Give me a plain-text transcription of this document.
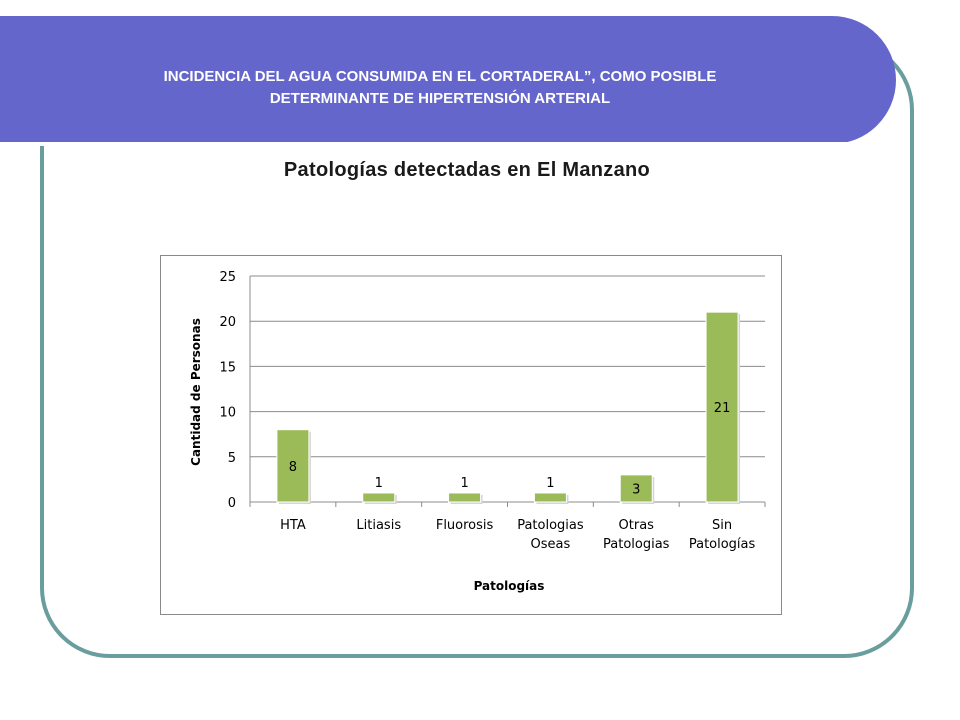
INCIDENCIA DEL AGUA CONSUMIDA EN EL CORTADERAL”, COMO POSIBLE
DETERMINANTE DE HIPERTENSIÓN ARTERIAL
Patologías detectadas en El Manzano
0
5
10
15
20
25
8
1	1	1	3
21
HTA	Litiasis	Fluorosis Patologias
Oseas
Otras
Patologias
Sin
Patologías
Cantidad de Personas
Patologías
